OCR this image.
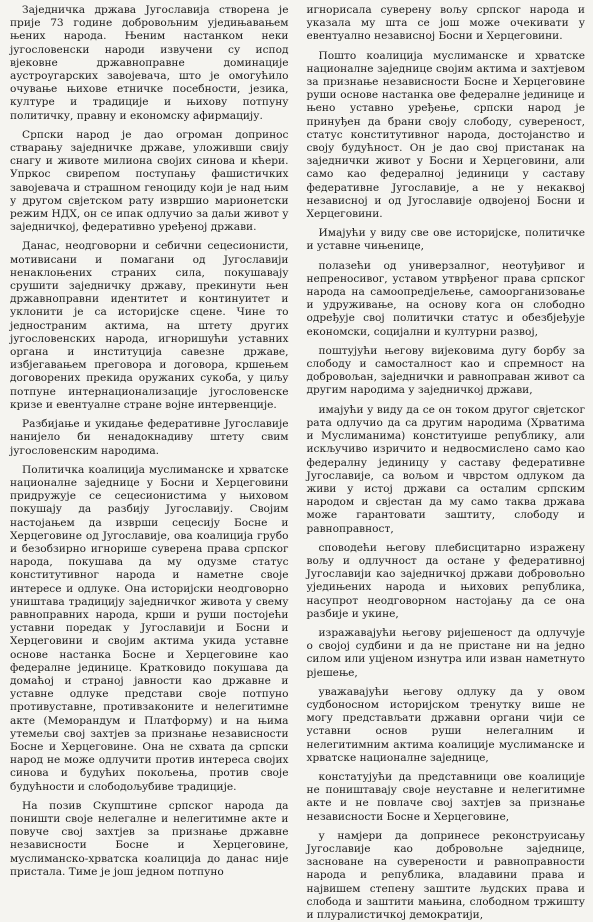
Заједничка држава Југославија створена је прије 73 године добровољним уједињавањем њених народа. Њеним настанком неки југословенски народи извучени су испод вјековне државноправне доминације аустроугарских завојевача, што је омогућило очување њихове етничке посебности, језика, културе и традиције и њихову потпуну политичку, правну и економску афирмацију.

Српски народ је дао огроман допринос стварању заједничке државе, уложивши свију снагу и животе милиона својих синова и кћери. Упркос свирепом поступању фашистичких завојевача и страшном геноциду који је над њим у другом свјетском рату извршио марионетски режим НДХ, он се ипак одлучио за даљи живот у заједничкој, федеративно уређеној држави.

Данас, неодговорни и себични сецесионисти, мотивисани и помагани од Југославији ненаклоњених страних сила, покушавају срушити заједничку државу, прекинути њен државноправни идентитет и континуитет и уклонити је са историјске сцене. Чине то једностраним актима, на штету других југословенских народа, игноришући уставних органа и институција савезне државе, избјегавањем преговора и договора, кршењем договорених прекида оружаних сукоба, у циљу потпуне интернационализације југословенске кризе и евентуалне стране војне интервенције.

Разбијање и укидање федеративне Југославије нанијело би ненадокнадиву штету свим југословенским народима.

Политичка коалиција муслиманске и хрватске националне заједнице у Босни и Херцеговини придружује се сецесионистима у њиховом покушају да разбију Југославију. Својим настојањем да изврши сецесију Босне и Херцеговине од Југославије, ова коалиција грубо и безобзирно игнорише суверена права српског народа, покушава да му одузме статус конститутивног народа и наметне своје интересе и одлуке. Она историјски неодговорно уништава традицију заједничког живота у свему равноправних народа, крши и руши постојећи уставни поредак у Југославији и Босни и Херцеговини и својим актима укида уставне основе настанка Босне и Херцеговине као федералне јединице. Кратковидо покушава да домаћој и страној јавности као државне и уставне одлуке представи своје потпуно противуставне, противзаконите и нелегитимне акте (Меморандум и Платформу) и на њима утемељи свој захтјев за признање независности Босне и Херцеговине. Она не схвата да српски народ не може одлучити против интереса својих синова и будућих покољења, против своје будућности и слободољубиве традиције.

На позив Скупштине српског народа да поништи своје нелегалне и нелегитимне акте и повуче свој захтјев за признање државне независности Босне и Херцеговине, муслиманско-хрватска коалиција до данас није пристала. Тиме је још једном потпуно

игнорисала суверену вољу српског народа и указала му шта се још може очекивати у евентуално независној Босни и Херцеговини.

Пошто коалиција муслиманске и хрватске националне заједнице својим актима и захтјевом за признање независности Босне и Херцеговине руши основе настанка ове федералне јединице и њено уставно уређење, српски народ је принуђен да брани своју слободу, сувереност, статус конститутивног народа, достојанство и своју будућност. Он је дао свој пристанак на заједнички живот у Босни и Херцеговини, али само као федералној јединици у саставу федеративне Југославије, а не у некаквој независној и од Југославије одвојеној Босни и Херцеговини.

Имајући у виду све ове историјске, политичке и уставне чињенице,

полазећи од универзалног, неотуђивог и непреносивог, уставом утврђеног права српског народа на самоопредјељење, самоорганизовање и удруживање, на основу кога он слободно одређује свој политички статус и обезбјеђује економски, социјални и културни развој,

поштујући његову вијековима дугу борбу за слободу и самосталност као и спремност на добровољан, заједнички и равноправан живот са другим народима у заједничкој држави,

имајући у виду да се он током другог свјетског рата одлучио да са другим народима (Хрватима и Муслиманима) конституише републику, али искључиво изричито и недвосмислено само као федералну јединицу у саставу федеративне Југославије, са вољом и чврстом одлуком да живи у истој држави са осталим српским народом и свјестан да му само таква држава може гарантовати заштиту, слободу и равноправност,

споводећи његову плебисцитарно изражену вољу и одлучност да остане у федеративној Југославији као заједничкој држави добровољно уједињених народа и њихових република, насупрот неодговорном настојању да се она разбије и укине,

изражавајући његову ријешеност да одлучује о својој судбини и да не пристане ни на једно силом или уцјеном изнутра или изван наметнуто рјешење,

уважавајући његову одлуку да у овом судбоносном историјском тренутку више не могу представљати државни органи чији се уставни основ руши нелегалним и нелегитимним актима коалиције муслиманске и хрватске националне заједнице,

констатујући да представници ове коалиције не поништавају своје неуставне и нелегитимне акте и не повлаче свој захтјев за признање независности Босне и Херцеговине,

у намјери да допринесе реконструисању Југославије као добровољне заједнице, заснoване на суверености и равноправности народа и република, владавини права и највишем степену заштите људских права и слобода и заштити мањина, слободном тржишту и плуралистичкој демократији,
